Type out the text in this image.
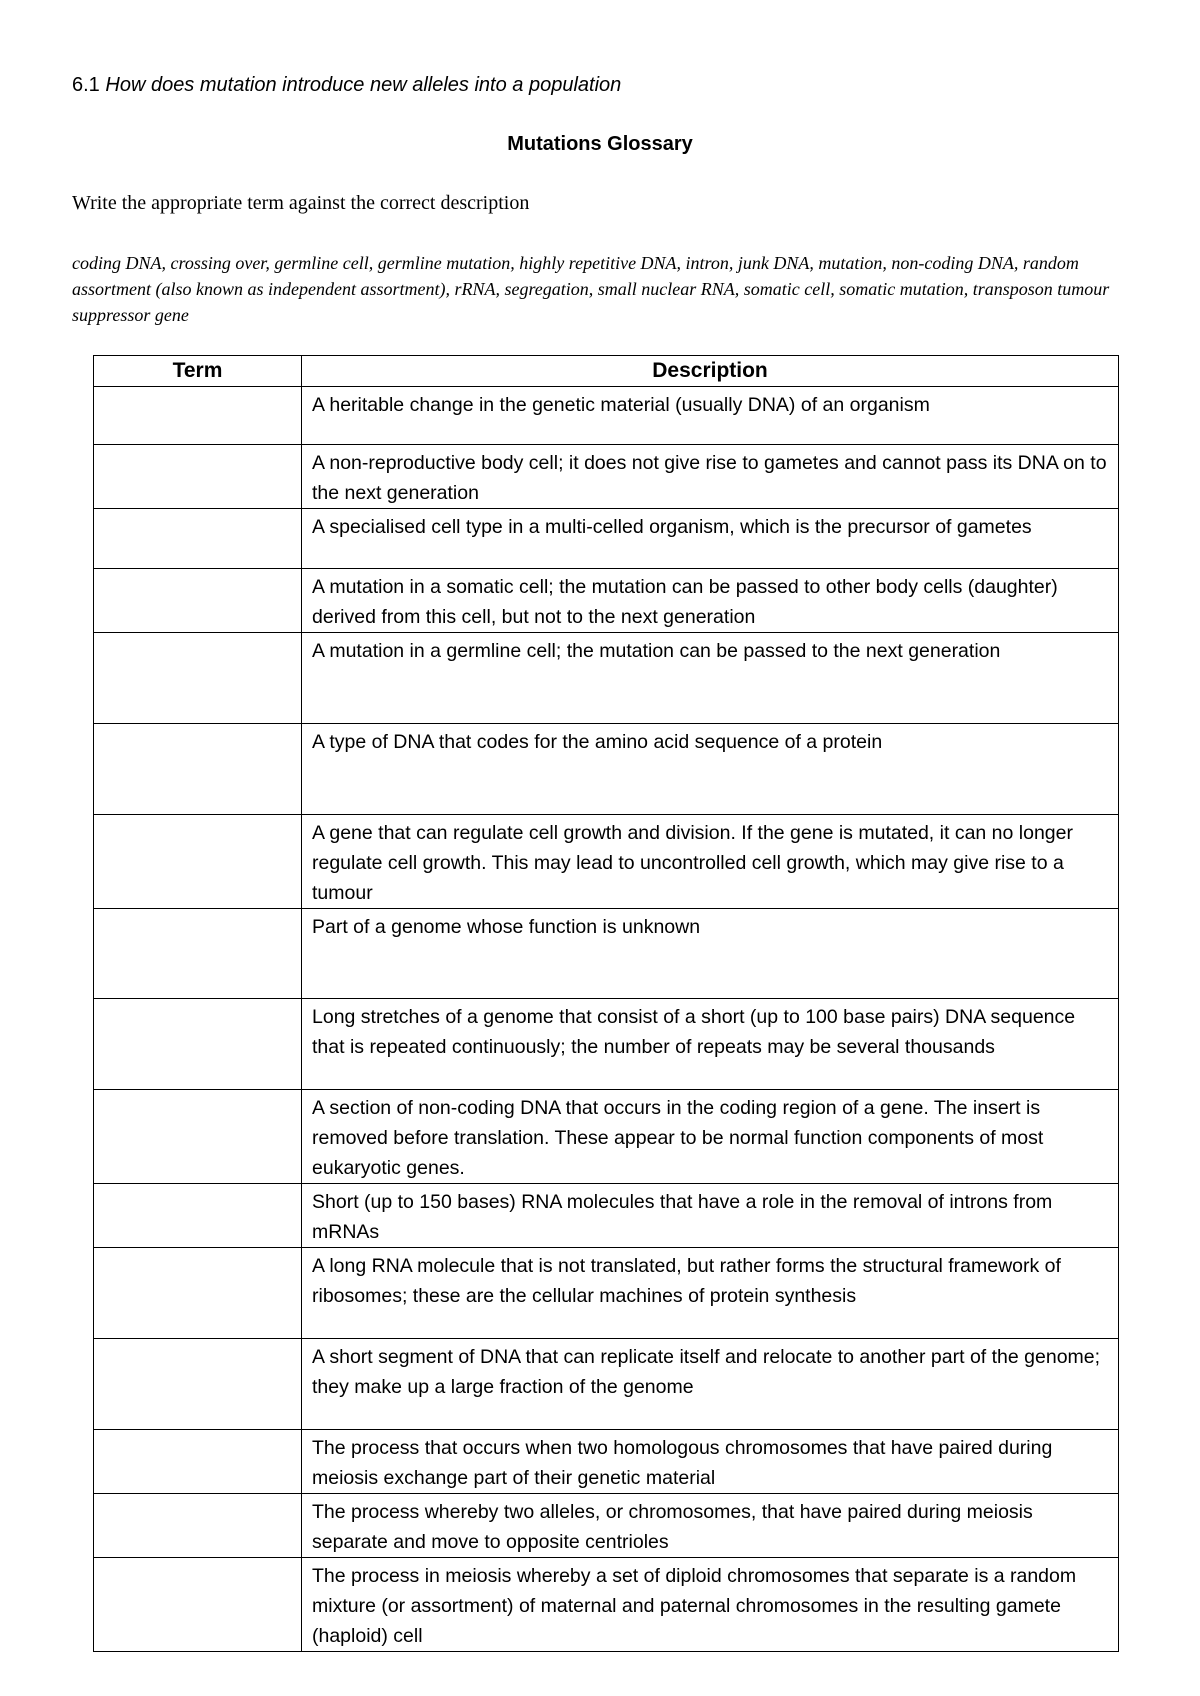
6.1 How does mutation introduce new alleles into a population
Mutations Glossary
Write the appropriate term against the correct description
coding DNA, crossing over, germline cell, germline mutation, highly repetitive DNA, intron, junk DNA, mutation, non-coding DNA, random assortment (also known as independent assortment), rRNA, segregation, small nuclear RNA, somatic cell, somatic mutation, transposon tumour suppressor gene
Term	Description
	A heritable change in the genetic material (usually DNA) of an organism
	A non-reproductive body cell; it does not give rise to gametes and cannot pass its DNA on to the next generation
	A specialised cell type in a multi-celled organism, which is the precursor of gametes
	A mutation in a somatic cell; the mutation can be passed to other body cells (daughter) derived from this cell, but not to the next generation
	A mutation in a germline cell; the mutation can be passed to the next generation
	A type of DNA that codes for the amino acid sequence of a protein
	A gene that can regulate cell growth and division. If the gene is mutated, it can no longer regulate cell growth. This may lead to uncontrolled cell growth, which may give rise to a tumour
	Part of a genome whose function is unknown
	Long stretches of a genome that consist of a short (up to 100 base pairs) DNA sequence that is repeated continuously; the number of repeats may be several thousands
	A section of non-coding DNA that occurs in the coding region of a gene. The insert is removed before translation. These appear to be normal function components of most eukaryotic genes.
	Short (up to 150 bases) RNA molecules that have a role in the removal of introns from mRNAs
	A long RNA molecule that is not translated, but rather forms the structural framework of ribosomes; these are the cellular machines of protein synthesis
	A short segment of DNA that can replicate itself and relocate to another part of the genome; they make up a large fraction of the genome
	The process that occurs when two homologous chromosomes that have paired during meiosis exchange part of their genetic material
	The process whereby two alleles, or chromosomes, that have paired during meiosis separate and move to opposite centrioles
	The process in meiosis whereby a set of diploid chromosomes that separate is a random mixture (or assortment) of maternal and paternal chromosomes in the resulting gamete (haploid) cell
